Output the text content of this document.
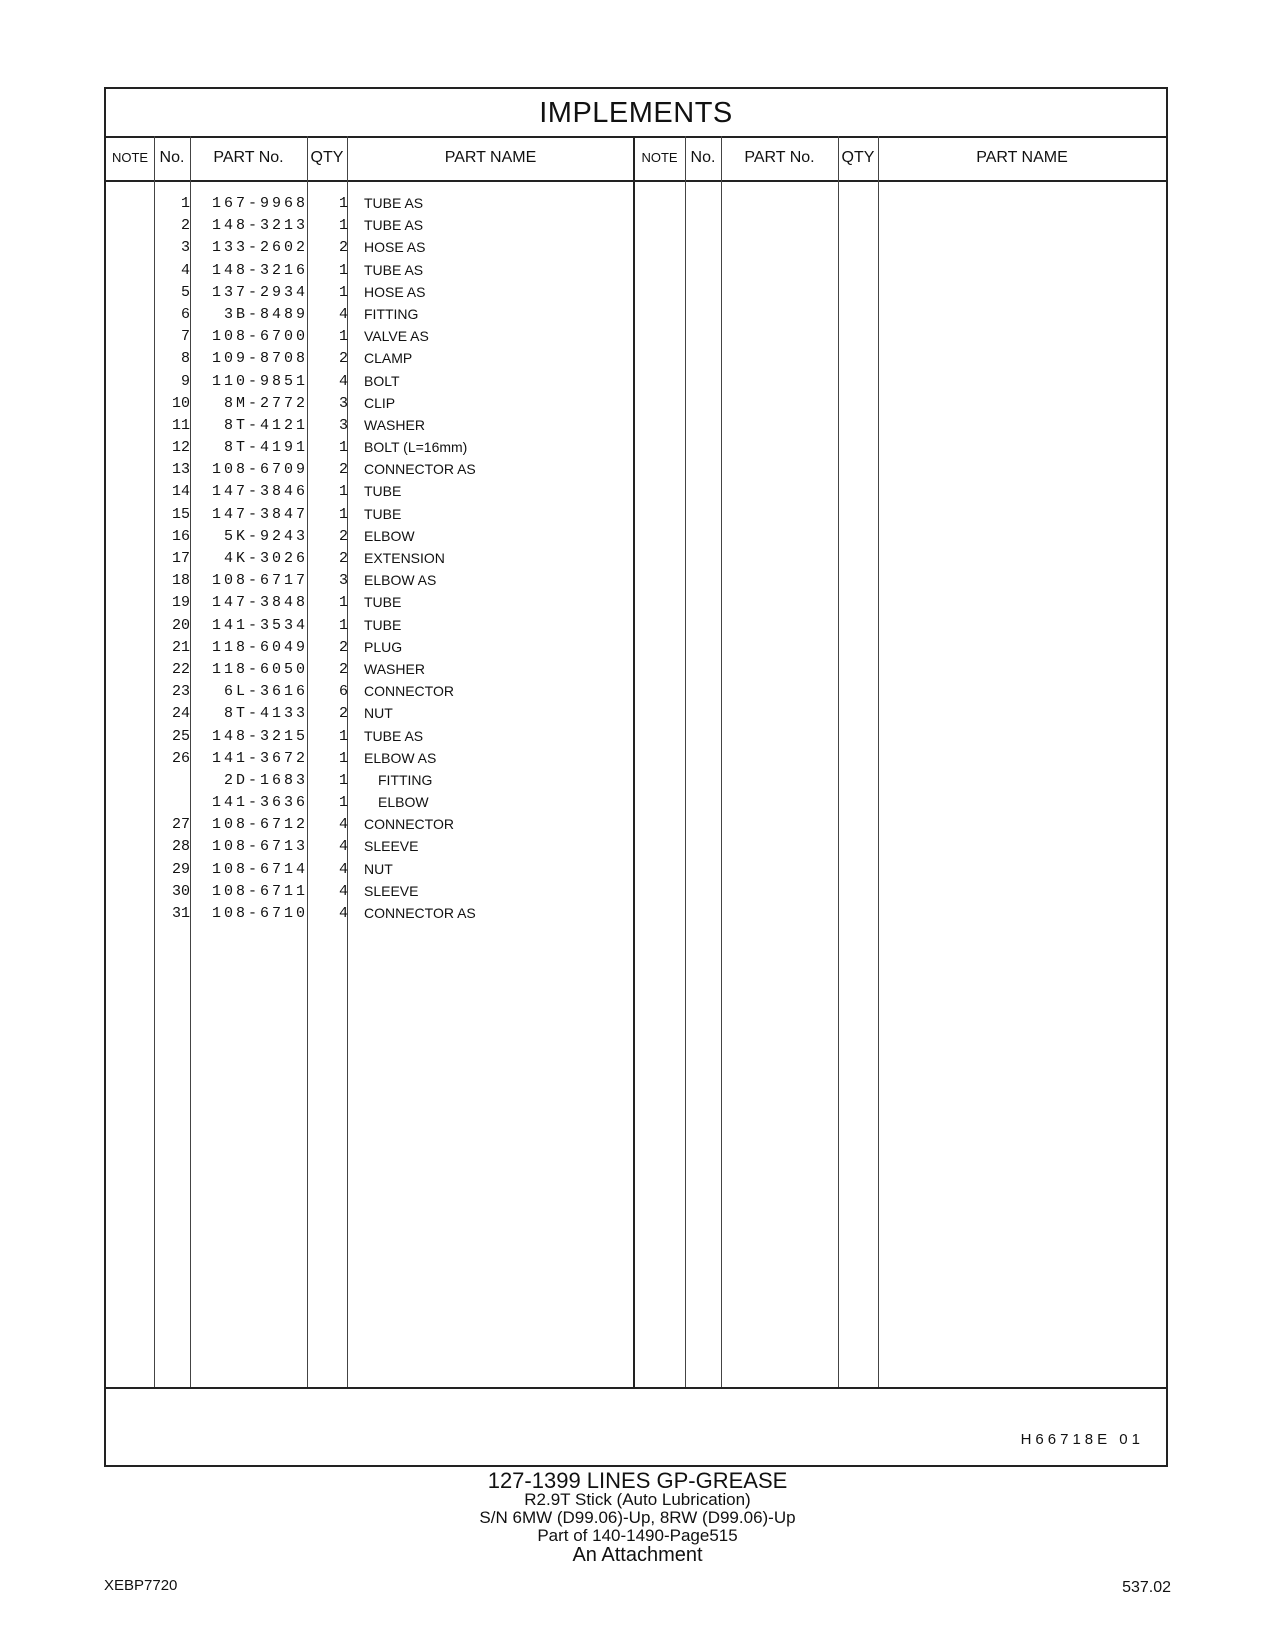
IMPLEMENTS
NOTE No.	PART No.	QTY	PART NAME	NOTE No.	PART No.	QTY	PART NAME
1	167-9968	1 TUBE AS
2	148-3213	1 TUBE AS
3	133-2602	2 HOSE AS
4	148-3216	1 TUBE AS
5	137-2934	1 HOSE AS
6	3B-8489	4 FITTING
7	108-6700	1 VALVE AS
8	109-8708	2 CLAMP
9	110-9851	4 BOLT
10	8M-2772	3 CLIP
11	8T-4121	3 WASHER
12	8T-4191	1 BOLT (L=16mm)
13	108-6709	2 CONNECTOR AS
14	147-3846	1 TUBE
15	147-3847	1 TUBE
16	5K-9243	2 ELBOW
17	4K-3026	2 EXTENSION
18	108-6717	3 ELBOW AS
19	147-3848	1 TUBE
20	141-3534	1 TUBE
21	118-6049	2 PLUG
22	118-6050	2 WASHER
23	6L-3616	6 CONNECTOR
24	8T-4133	2 NUT
25	148-3215	1 TUBE AS
26	141-3672	1 ELBOW AS
2D-1683	1 FITTING
141-3636	1 ELBOW
27	108-6712	4 CONNECTOR
28	108-6713	4 SLEEVE
29	108-6714	4 NUT
30	108-6711	4 SLEEVE
31	108-6710	4 CONNECTOR AS
H66718E 01
127-1399 LINES GP-GREASE
R2.9T Stick (Auto Lubrication)
S/N 6MW (D99.06)-Up, 8RW (D99.06)-Up
Part of 140-1490-Page515
An Attachment
XEBP7720	537.02
